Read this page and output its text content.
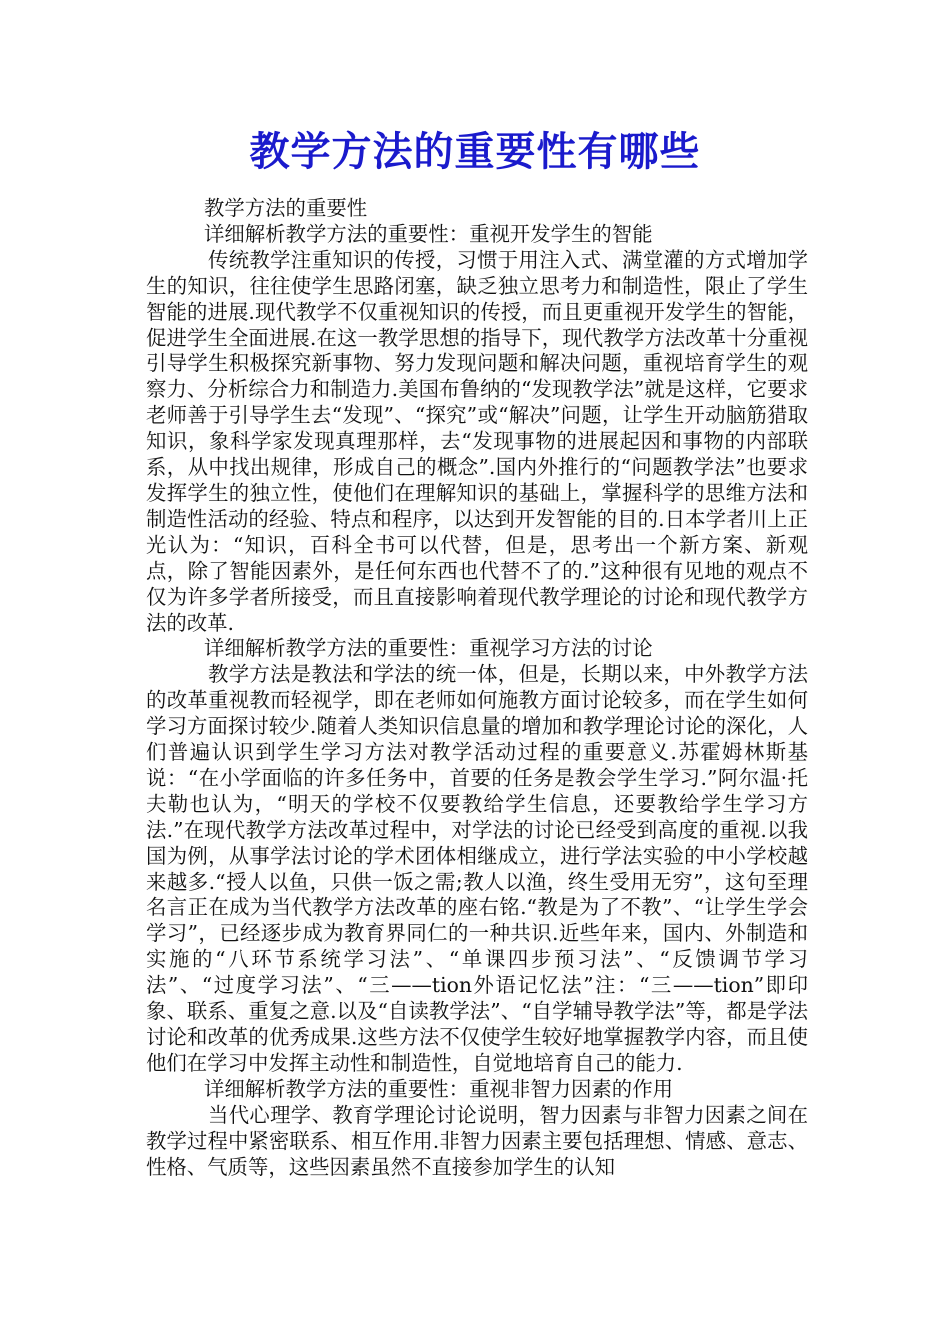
教学方法的重要性有哪些

教学方法的重要性

详细解析教学方法的重要性：重视开发学生的智能

传统教学注重知识的传授，习惯于用注入式、满堂灌的方式增加学生的知识，往往使学生思路闭塞，缺乏独立思考力和制造性，限止了学生智能的进展.现代教学不仅重视知识的传授，而且更重视开发学生的智能，促进学生全面进展.在这一教学思想的指导下，现代教学方法改革十分重视引导学生积极探究新事物、努力发现问题和解决问题，重视培育学生的观察力、分析综合力和制造力.美国布鲁纳的“发现教学法”就是这样，它要求老师善于引导学生去“发现”、“探究”或“解决”问题，让学生开动脑筋猎取知识，象科学家发现真理那样，去“发现事物的进展起因和事物的内部联系，从中找出规律，形成自己的概念”.国内外推行的“问题教学法”也要求发挥学生的独立性，使他们在理解知识的基础上，掌握科学的思维方法和制造性活动的经验、特点和程序，以达到开发智能的目的.日本学者川上正光认为：“知识，百科全书可以代替，但是，思考出一个新方案、新观点，除了智能因素外，是任何东西也代替不了的.”这种很有见地的观点不仅为许多学者所接受，而且直接影响着现代教学理论的讨论和现代教学方法的改革.

详细解析教学方法的重要性：重视学习方法的讨论

教学方法是教法和学法的统一体，但是，长期以来，中外教学方法的改革重视教而轻视学，即在老师如何施教方面讨论较多，而在学生如何学习方面探讨较少.随着人类知识信息量的增加和教学理论讨论的深化，人们普遍认识到学生学习方法对教学活动过程的重要意义.苏霍姆林斯基说：“在小学面临的许多任务中，首要的任务是教会学生学习.”阿尔温·托夫勒也认为，“明天的学校不仅要教给学生信息，还要教给学生学习方法.”在现代教学方法改革过程中，对学法的讨论已经受到高度的重视.以我国为例，从事学法讨论的学术团体相继成立，进行学法实验的中小学校越来越多.“授人以鱼，只供一饭之需;教人以渔，终生受用无穷”，这句至理名言正在成为当代教学方法改革的座右铭.“教是为了不教”、“让学生学会学习”，已经逐步成为教育界同仁的一种共识.近些年来，国内、外制造和实施的“八环节系统学习法”、“单课四步预习法”、“反馈调节学习法”、“过度学习法”、“三——tion外语记忆法”注：“三——tion”即印象、联系、重复之意.以及“自读教学法”、“自学辅导教学法”等，都是学法讨论和改革的优秀成果.这些方法不仅使学生较好地掌握教学内容，而且使他们在学习中发挥主动性和制造性，自觉地培育自己的能力.

详细解析教学方法的重要性：重视非智力因素的作用

当代心理学、教育学理论讨论说明，智力因素与非智力因素之间在教学过程中紧密联系、相互作用.非智力因素主要包括理想、情感、意志、性格、气质等，这些因素虽然不直接参加学生的认知
